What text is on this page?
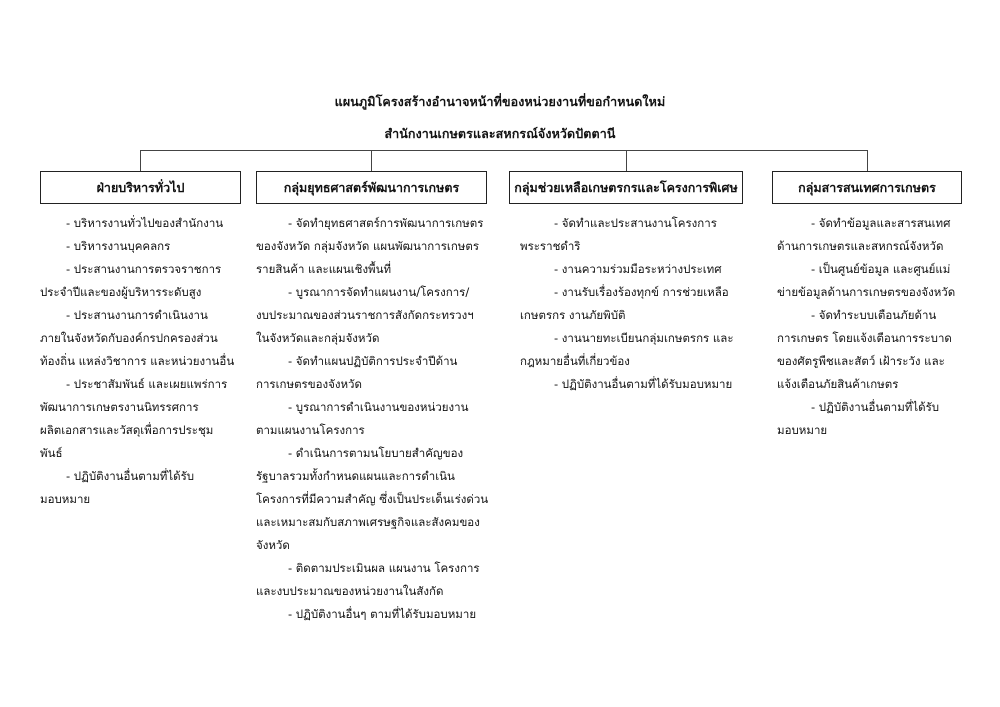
แผนภูมิโครงสร้างอำนาจหน้าที่ของหน่วยงานที่ขอกำหนดใหม่
สำนักงานเกษตรและสหกรณ์จังหวัดปัตตานี
ฝ่ายบริหารทั่วไป	กลุ่มยุทธศาสตร์พัฒนาการเกษตร	กลุ่มช่วยเหลือเกษตรกรและโครงการพิเศษ	กลุ่มสารสนเทศการเกษตร

- บริหารงานทั่วไปของสำนักงาน

- บริหารงานบุคคลกร

- ประสานงานการตรวจราชการ

ประจำปีและของผู้บริหารระดับสูง

- ประสานงานการดำเนินงาน

ภายในจังหวัดกับองค์กรปกครองส่วน

ท้องถิ่น แหล่งวิชาการ และหน่วยงานอื่น

- ประชาสัมพันธ์ และเผยแพร่การ

พัฒนาการเกษตรงานนิทรรศการ

ผลิตเอกสารและวัสดุเพื่อการประชุม

พันธ์

- ปฏิบัติงานอื่นตามที่ได้รับ

มอบหมาย

- จัดทำยุทธศาสตร์การพัฒนาการเกษตร

ของจังหวัด กลุ่มจังหวัด แผนพัฒนาการเกษตร

รายสินค้า และแผนเชิงพื้นที่

- บูรณาการจัดทำแผนงาน/โครงการ/

งบประมาณของส่วนราชการสังกัดกระทรวงฯ

ในจังหวัดและกลุ่มจังหวัด

- จัดทำแผนปฏิบัติการประจำปีด้าน

การเกษตรของจังหวัด

- บูรณาการดำเนินงานของหน่วยงาน

ตามแผนงานโครงการ

- ดำเนินการตามนโยบายสำคัญของ

รัฐบาลรวมทั้งกำหนดแผนและการดำเนิน

โครงการที่มีความสำคัญ ซึ่งเป็นประเด็นเร่งด่วน

และเหมาะสมกับสภาพเศรษฐกิจและสังคมของ

จังหวัด

- ติดตามประเมินผล แผนงาน โครงการ

และงบประมาณของหน่วยงานในสังกัด

- ปฏิบัติงานอื่นๆ ตามที่ได้รับมอบหมาย

- จัดทำและประสานงานโครงการ

พระราชดำริ

- งานความร่วมมือระหว่างประเทศ

- งานรับเรื่องร้องทุกข์ การช่วยเหลือ

เกษตรกร งานภัยพิบัติ

- งานนายทะเบียนกลุ่มเกษตรกร และ

กฎหมายอื่นที่เกี่ยวข้อง

- ปฏิบัติงานอื่นตามที่ได้รับมอบหมาย

- จัดทำข้อมูลและสารสนเทศ

ด้านการเกษตรและสหกรณ์จังหวัด

- เป็นศูนย์ข้อมูล และศูนย์แม่

ข่ายข้อมูลด้านการเกษตรของจังหวัด

- จัดทำระบบเตือนภัยด้าน

การเกษตร โดยแจ้งเตือนการระบาด

ของศัตรูพืชและสัตว์ เฝ้าระวัง และ

แจ้งเตือนภัยสินค้าเกษตร

- ปฏิบัติงานอื่นตามที่ได้รับ

มอบหมาย
